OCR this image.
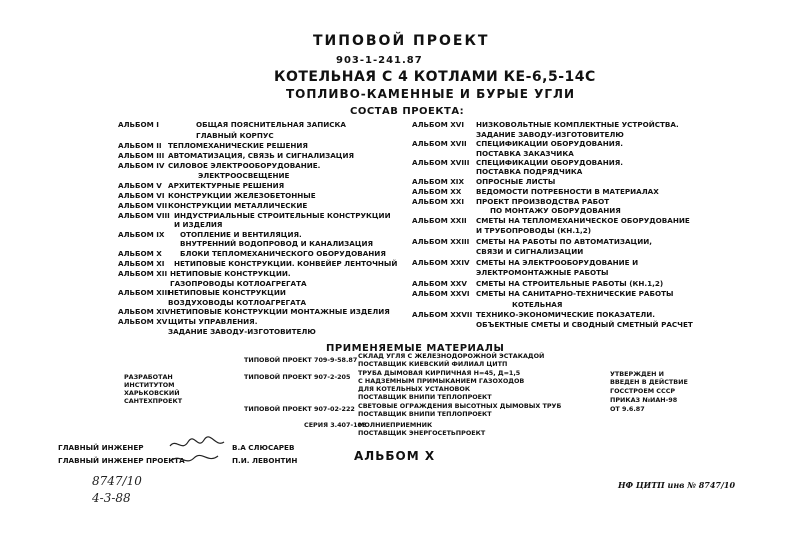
ТИПОВОЙ ПРОЕКТ
903-1-241.87
КОТЕЛЬНАЯ С 4 КОТЛАМИ КЕ-6,5-14С
ТОПЛИВО-КАМЕННЫЕ И БУРЫЕ УГЛИ
СОСТАВ ПРОЕКТА:
АЛЬБОМ I	ОБЩАЯ ПОЯСНИТЕЛЬНАЯ ЗАПИСКА
ГЛАВНЫЙ КОРПУС
АЛЬБОМ II ТЕПЛОМЕХАНИЧЕСКИЕ РЕШЕНИЯ
АЛЬБОМ III АВТОМАТИЗАЦИЯ, СВЯЗЬ И СИГНАЛИЗАЦИЯ
АЛЬБОМ IV СИЛОВОЕ ЭЛЕКТРООБОРУДОВАНИЕ.
ЭЛЕКТРООСВЕЩЕНИЕ
АЛЬБОМ V АРХИТЕКТУРНЫЕ РЕШЕНИЯ
АЛЬБОМ VI КОНСТРУКЦИИ ЖЕЛЕЗОБЕТОННЫЕ
АЛЬБОМ VII КОНСТРУКЦИИ МЕТАЛЛИЧЕСКИЕ
АЛЬБОМ VIII ИНДУСТРИАЛЬНЫЕ СТРОИТЕЛЬНЫЕ КОНСТРУКЦИИ
И ИЗДЕЛИЯ
АЛЬБОМ IX ОТОПЛЕНИЕ И ВЕНТИЛЯЦИЯ.
ВНУТРЕННИЙ ВОДОПРОВОД И КАНАЛИЗАЦИЯ
АЛЬБОМ X	БЛОКИ ТЕПЛОМЕХАНИЧЕСКОГО ОБОРУДОВАНИЯ
АЛЬБОМ XI НЕТИПОВЫЕ КОНСТРУКЦИИ. КОНВЕЙЕР ЛЕНТОЧНЫЙ
АЛЬБОМ XII НЕТИПОВЫЕ КОНСТРУКЦИИ.
ГАЗОПРОВОДЫ КОТЛОАГРЕГАТА
АЛЬБОМ XIII
НЕТИПОВЫЕ КОНСТРУКЦИИ
ВОЗДУХОВОДЫ КОТЛОАГРЕГАТА
АЛЬБОМ XIV НЕТИПОВЫЕ КОНСТРУКЦИИ МОНТАЖНЫЕ ИЗДЕЛИЯ
АЛЬБОМ XV ЩИТЫ УПРАВЛЕНИЯ.
ЗАДАНИЕ ЗАВОДУ-ИЗГОТОВИТЕЛЮ
АЛЬБОМ XVI НИЗКОВОЛЬТНЫЕ КОМПЛЕКТНЫЕ УСТРОЙСТВА.
ЗАДАНИЕ ЗАВОДУ-ИЗГОТОВИТЕЛЮ
АЛЬБОМ XVII СПЕЦИФИКАЦИИ ОБОРУДОВАНИЯ.
ПОСТАВКА ЗАКАЗЧИКА
АЛЬБОМ XVIII СПЕЦИФИКАЦИИ ОБОРУДОВАНИЯ.
ПОСТАВКА ПОДРЯДЧИКА
АЛЬБОМ XIX ОПРОСНЫЕ ЛИСТЫ
АЛЬБОМ XX ВЕДОМОСТИ ПОТРЕБНОСТИ В МАТЕРИАЛАХ
АЛЬБОМ XXI ПРОЕКТ ПРОИЗВОДСТВА РАБОТ
ПО МОНТАЖУ ОБОРУДОВАНИЯ
АЛЬБОМ XXII СМЕТЫ НА ТЕПЛОМЕХАНИЧЕСКОЕ ОБОРУДОВАНИЕ
И ТРУБОПРОВОДЫ (КН.1,2)
АЛЬБОМ XXIII СМЕТЫ НА РАБОТЫ ПО АВТОМАТИЗАЦИИ,
СВЯЗИ И СИГНАЛИЗАЦИИ
АЛЬБОМ XXIV СМЕТЫ НА ЭЛЕКТРООБОРУДОВАНИЕ И
ЭЛЕКТРОМОНТАЖНЫЕ РАБОТЫ
АЛЬБОМ XXV СМЕТЫ НА СТРОИТЕЛЬНЫЕ РАБОТЫ (КН.1,2)
АЛЬБОМ XXVI СМЕТЫ НА САНИТАРНО-ТЕХНИЧЕСКИЕ РАБОТЫ
КОТЕЛЬНАЯ
АЛЬБОМ XXVII ТЕХНИКО-ЭКОНОМИЧЕСКИЕ ПОКАЗАТЕЛИ.
ОБЪЕКТНЫЕ СМЕТЫ И СВОДНЫЙ СМЕТНЫЙ РАСЧЕТ
ПРИМЕНЯЕМЫЕ МАТЕРИАЛЫ
ТИПОВОЙ ПРОЕКТ 709-9-58.87 СКЛАД УГЛЯ С ЖЕЛЕЗНОДОРОЖНОЙ ЭСТАКАДОЙ
ПОСТАВЩИК КИЕВСКИЙ ФИЛИАЛ ЦИТП
ТИПОВОЙ ПРОЕКТ 907-2-205 ТРУБА ДЫМОВАЯ КИРПИЧНАЯ Н=45, Д=1,5
С НАДЗЕМНЫМ ПРИМЫКАНИЕМ ГАЗОХОДОВ
ДЛЯ КОТЕЛЬНЫХ УСТАНОВОК
ПОСТАВЩИК ВНИПИ ТЕПЛОПРОЕКТ
ТИПОВОЙ ПРОЕКТ 907-02-222 СВЕТОВЫЕ ОГРАЖДЕНИЯ ВЫСОТНЫХ ДЫМОВЫХ ТРУБ
ПОСТАВЩИК ВНИПИ ТЕПЛОПРОЕКТ
СЕРИЯ 3.407-108
МОЛНИЕПРИЕМНИК
ПОСТАВЩИК ЭНЕРГОСЕТЬПРОЕКТ
РАЗРАБОТАН
ИНСТИТУТОМ
ХАРЬКОВСКИЙ
САНТЕХПРОЕКТ
УТВЕРЖДЕН И
ВВЕДЕН В ДЕЙСТВИЕ
ГОССТРОЕМ СССР
ПРИКАЗ №ИАН-98
ОТ 9.6.87
ГЛАВНЫЙ ИНЖЕНЕР	В.А СЛЮСАРЕВ
ГЛАВНЫЙ ИНЖЕНЕР ПРОЕКТА	П.И. ЛЕВОНТИН	АЛЬБОМ Х
8747/10
4-3-88
НФ ЦИТП инв № 8747/10
